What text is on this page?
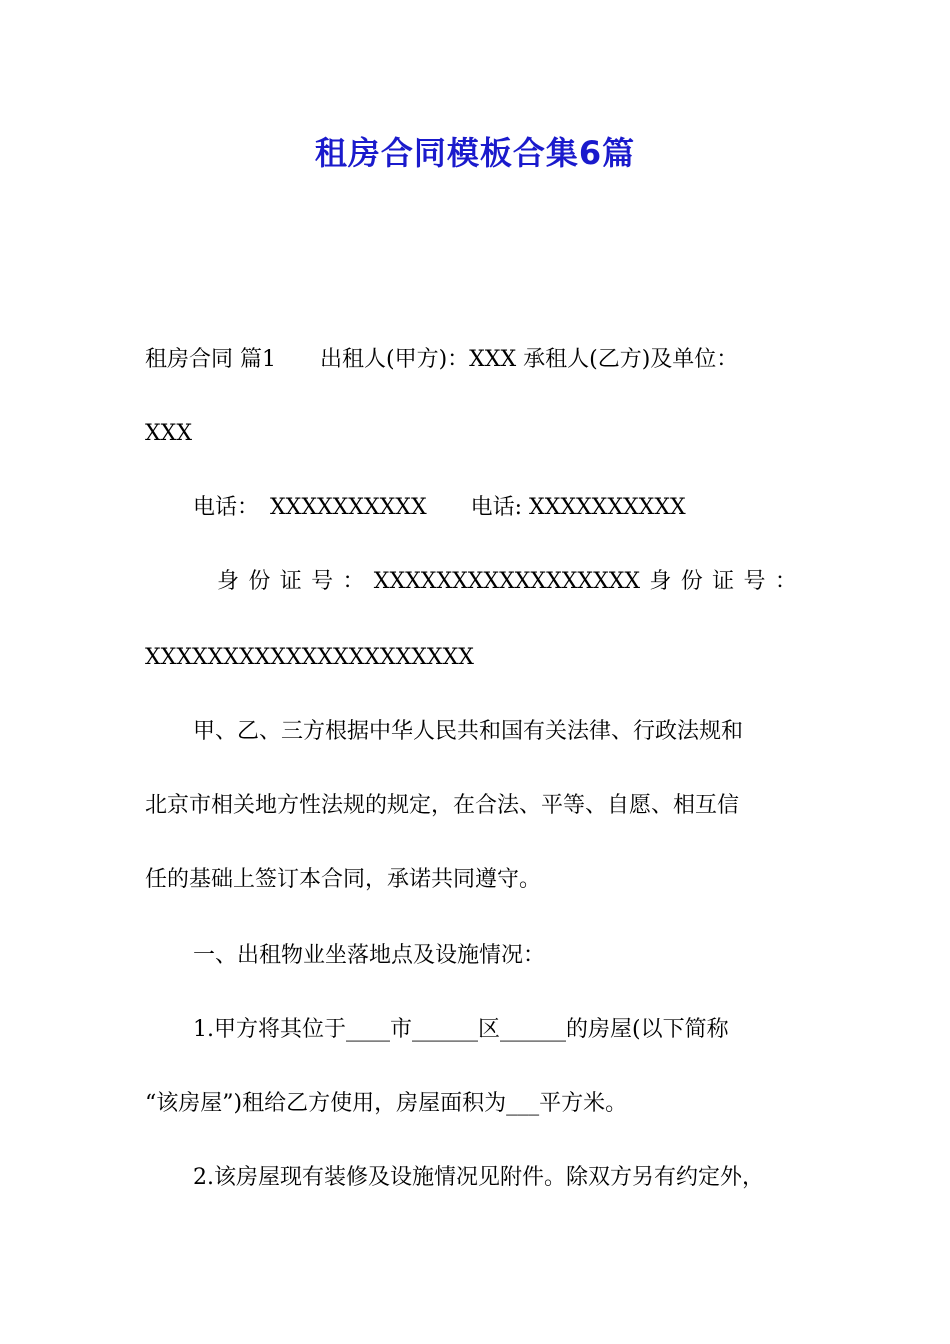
租房合同模板合集6篇
租房合同 篇1　　出租人(甲方)：XXX 承租人(乙方)及单位：
XXX
电话：　XXXXXXXXXX　　电话: XXXXXXXXXX
身 份 证 号 ： XXXXXXXXXXXXXXXXX 身 份 证 号 ：
XXXXXXXXXXXXXXXXXXXXX
甲、乙、三方根据中华人民共和国有关法律、行政法规和
北京市相关地方性法规的规定，在合法、平等、自愿、相互信
任的基础上签订本合同，承诺共同遵守。
一、出租物业坐落地点及设施情况：
1.甲方将其位于____市______区______的房屋(以下简称
“该房屋”)租给乙方使用，房屋面积为___平方米。
2.该房屋现有装修及设施情况见附件。除双方另有约定外，
